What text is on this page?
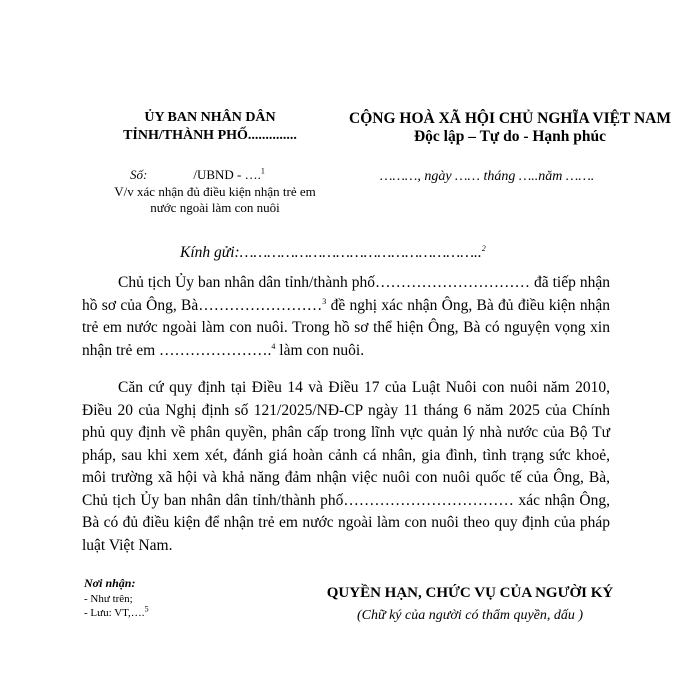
ỦY BAN NHÂN DÂN
TỈNH/THÀNH PHỐ..............
CỘNG HOÀ XÃ HỘI CHỦ NGHĨA VIỆT NAM
Độc lập – Tự do - Hạnh phúc
Số:	/UBND - ….$^1$
V/v xác nhận đủ điều kiện nhận trẻ em
nước ngoài làm con nuôi
………, ngày …… tháng …..năm …….
Kính gửi:……………………………………………..$^2$
Chủ tịch Ủy ban nhân dân tỉnh/thành phố………………………… đã tiếp nhận hồ sơ của Ông, Bà……………………$^3$ đề nghị xác nhận Ông, Bà đủ điều kiện nhận trẻ em nước ngoài làm con nuôi. Trong hồ sơ thể hiện Ông, Bà có nguyện vọng xin nhận trẻ em ………………….$^4$ làm con nuôi.
Căn cứ quy định tại Điều 14 và Điều 17 của Luật Nuôi con nuôi năm 2010, Điều 20 của Nghị định số 121/2025/NĐ-CP ngày 11 tháng 6 năm 2025 của Chính phủ quy định về phân quyền, phân cấp trong lĩnh vực quản lý nhà nước của Bộ Tư pháp, sau khi xem xét, đánh giá hoàn cảnh cá nhân, gia đình, tình trạng sức khoẻ, môi trường xã hội và khả năng đảm nhận việc nuôi con nuôi quốc tế của Ông, Bà, Chủ tịch Ủy ban nhân dân tỉnh/thành phố…………………………… xác nhận Ông, Bà có đủ điều kiện để nhận trẻ em nước ngoài làm con nuôi theo quy định của pháp luật Việt Nam.
Nơi nhận:
- Như trên;
- Lưu: VT,….$^5$
QUYỀN HẠN, CHỨC VỤ CỦA NGƯỜI KÝ
(Chữ ký của người có thẩm quyền, dấu )
